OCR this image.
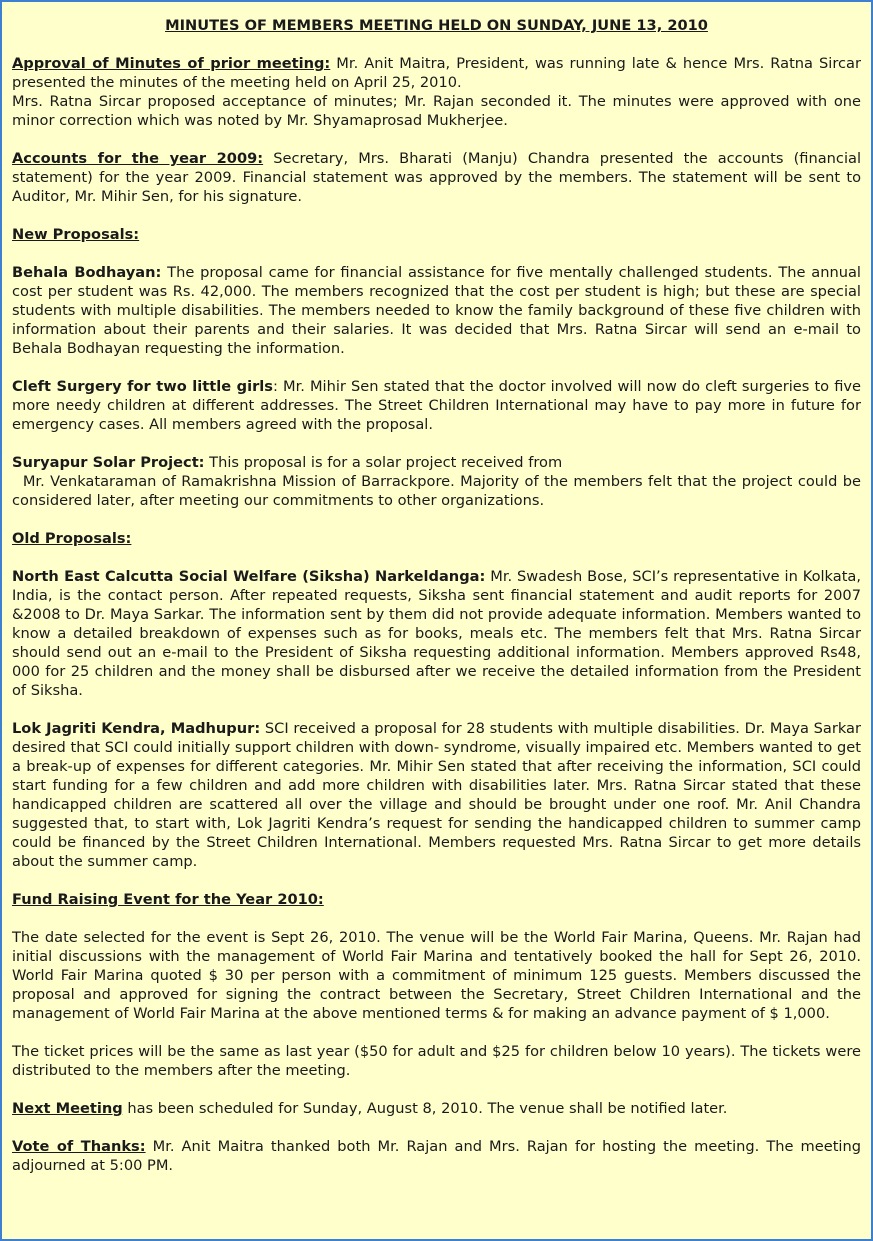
MINUTES OF MEMBERS MEETING HELD ON SUNDAY, JUNE 13, 2010

Approval of Minutes of prior meeting: Mr. Anit Maitra, President, was running late & hence Mrs. Ratna Sircar presented the minutes of the meeting held on April 25, 2010.
Mrs. Ratna Sircar proposed acceptance of minutes; Mr. Rajan seconded it. The minutes were approved with one minor correction which was noted by Mr. Shyamaprosad Mukherjee.

Accounts for the year 2009: Secretary, Mrs. Bharati (Manju) Chandra presented the accounts (financial statement) for the year 2009. Financial statement was approved by the members. The statement will be sent to Auditor, Mr. Mihir Sen, for his signature.

New Proposals:

Behala Bodhayan: The proposal came for financial assistance for five mentally challenged students. The annual cost per student was Rs. 42,000. The members recognized that the cost per student is high; but these are special students with multiple disabilities. The members needed to know the family background of these five children with information about their parents and their salaries. It was decided that Mrs. Ratna Sircar will send an e-mail to Behala Bodhayan requesting the information.

Cleft Surgery for two little girls: Mr. Mihir Sen stated that the doctor involved will now do cleft surgeries to five more needy children at different addresses. The Street Children International may have to pay more in future for emergency cases. All members agreed with the proposal.

Suryapur Solar Project: This proposal is for a solar project received from
Mr. Venkataraman of Ramakrishna Mission of Barrackpore. Majority of the members felt that the project could be considered later, after meeting our commitments to other organizations.

Old Proposals:

North East Calcutta Social Welfare (Siksha) Narkeldanga: Mr. Swadesh Bose, SCI’s representative in Kolkata, India, is the contact person. After repeated requests, Siksha sent financial statement and audit reports for 2007 &2008 to Dr. Maya Sarkar. The information sent by them did not provide adequate information. Members wanted to know a detailed breakdown of expenses such as for books, meals etc. The members felt that Mrs. Ratna Sircar should send out an e-mail to the President of Siksha requesting additional information. Members approved Rs48, 000 for 25 children and the money shall be disbursed after we receive the detailed information from the President of Siksha.

Lok Jagriti Kendra, Madhupur: SCI received a proposal for 28 students with multiple disabilities. Dr. Maya Sarkar desired that SCI could initially support children with down- syndrome, visually impaired etc. Members wanted to get a break-up of expenses for different categories. Mr. Mihir Sen stated that after receiving the information, SCI could start funding for a few children and add more children with disabilities later. Mrs. Ratna Sircar stated that these handicapped children are scattered all over the village and should be brought under one roof. Mr. Anil Chandra suggested that, to start with, Lok Jagriti Kendra’s request for sending the handicapped children to summer camp could be financed by the Street Children International. Members requested Mrs. Ratna Sircar to get more details about the summer camp.

Fund Raising Event for the Year 2010:

The date selected for the event is Sept 26, 2010. The venue will be the World Fair Marina, Queens. Mr. Rajan had initial discussions with the management of World Fair Marina and tentatively booked the hall for Sept 26, 2010. World Fair Marina quoted $ 30 per person with a commitment of minimum 125 guests. Members discussed the proposal and approved for signing the contract between the Secretary, Street Children International and the management of World Fair Marina at the above mentioned terms & for making an advance payment of $ 1,000.

The ticket prices will be the same as last year ($50 for adult and $25 for children below 10 years). The tickets were distributed to the members after the meeting.

Next Meeting has been scheduled for Sunday, August 8, 2010. The venue shall be notified later.

Vote of Thanks: Mr. Anit Maitra thanked both Mr. Rajan and Mrs. Rajan for hosting the meeting. The meeting adjourned at 5:00 PM.
